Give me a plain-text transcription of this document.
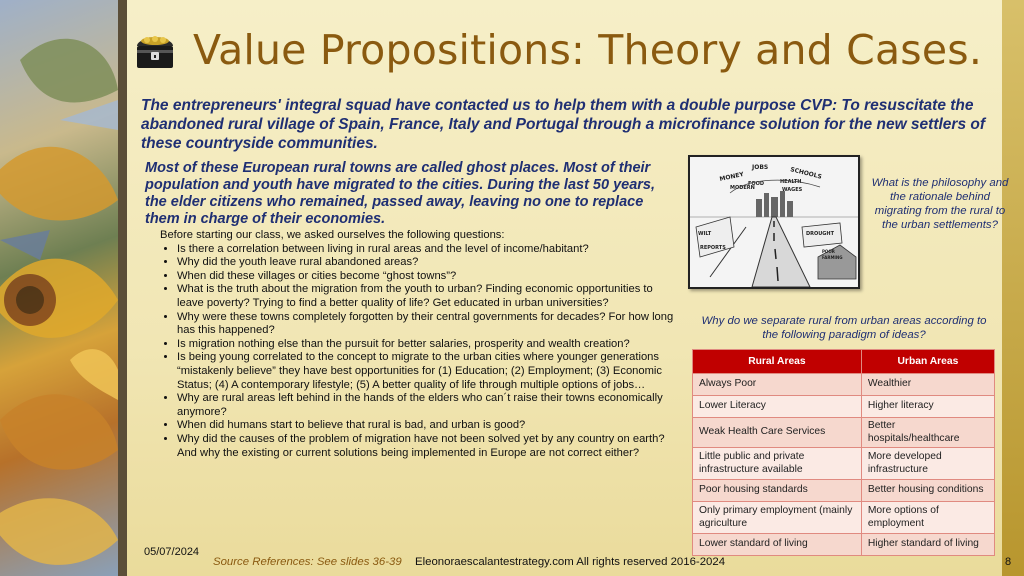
Value Propositions: Theory and Cases.
The entrepreneurs' integral squad have contacted us to help them with a double purpose CVP: To resuscitate the abandoned rural village of Spain, France, Italy and Portugal through a microfinance solution for the new settlers of these countryside communities.
Most of these European rural towns are called ghost places. Most of their population and youth have migrated to the cities. During the last 50 years, the elder citizens who remained, passed away, leaving no one to replace them in charge of their economies.
Before starting our class, we asked ourselves the following questions:
• Is there a correlation between living in rural areas and the level of income/habitant?
• Why did the youth leave rural abandoned areas?
• When did these villages or cities become “ghost towns”?
• What is the truth about the migration from the youth to urban? Finding economic opportunities to leave poverty? Trying to find a better quality of life? Get educated in urban universities?
• Why were these towns completely forgotten by their central governments for decades? For how long has this happened?
• Is migration nothing else than the pursuit for better salaries, prosperity and wealth creation?
• Is being young correlated to the concept to migrate to the urban cities where younger generations “mistakenly believe” they have best opportunities for (1) Education; (2) Employment; (3) Economic Status; (4) A contemporary lifestyle; (5) A better quality of life through multiple options of jobs…
• Why are rural areas left behind in the hands of the elders who can´t raise their towns economically anymore?
• When did humans start to believe that rural is bad, and urban is good?
• Why did the causes of the problem of migration have not been solved yet by any country on earth? And why the existing or current solutions being implemented in Europe are not correct either?
MONEY
JOBS	SCHOOLS
MODERN
FOOD	HEALTH
WAGES
DROUGHT
POOR
FARMING
WILT
REPORTS
What is the philosophy and the rationale behind migrating from the rural to the urban settlements?
Why do we separate rural from urban areas according to the following paradigm of ideas?
Rural Areas	Urban Areas
Always Poor	Wealthier
Lower Literacy	Higher literacy
Weak Health Care Services	Better hospitals/healthcare
Little public and private infrastructure available	More developed infrastructure
Poor housing standards	Better housing conditions
Only primary employment (mainly agriculture	More options of employment
Lower standard of living	Higher standard of living
05/07/2024
Source References: See slides 36-39 Eleonoraescalantestrategy.com All rights reserved 2016-2024	8
